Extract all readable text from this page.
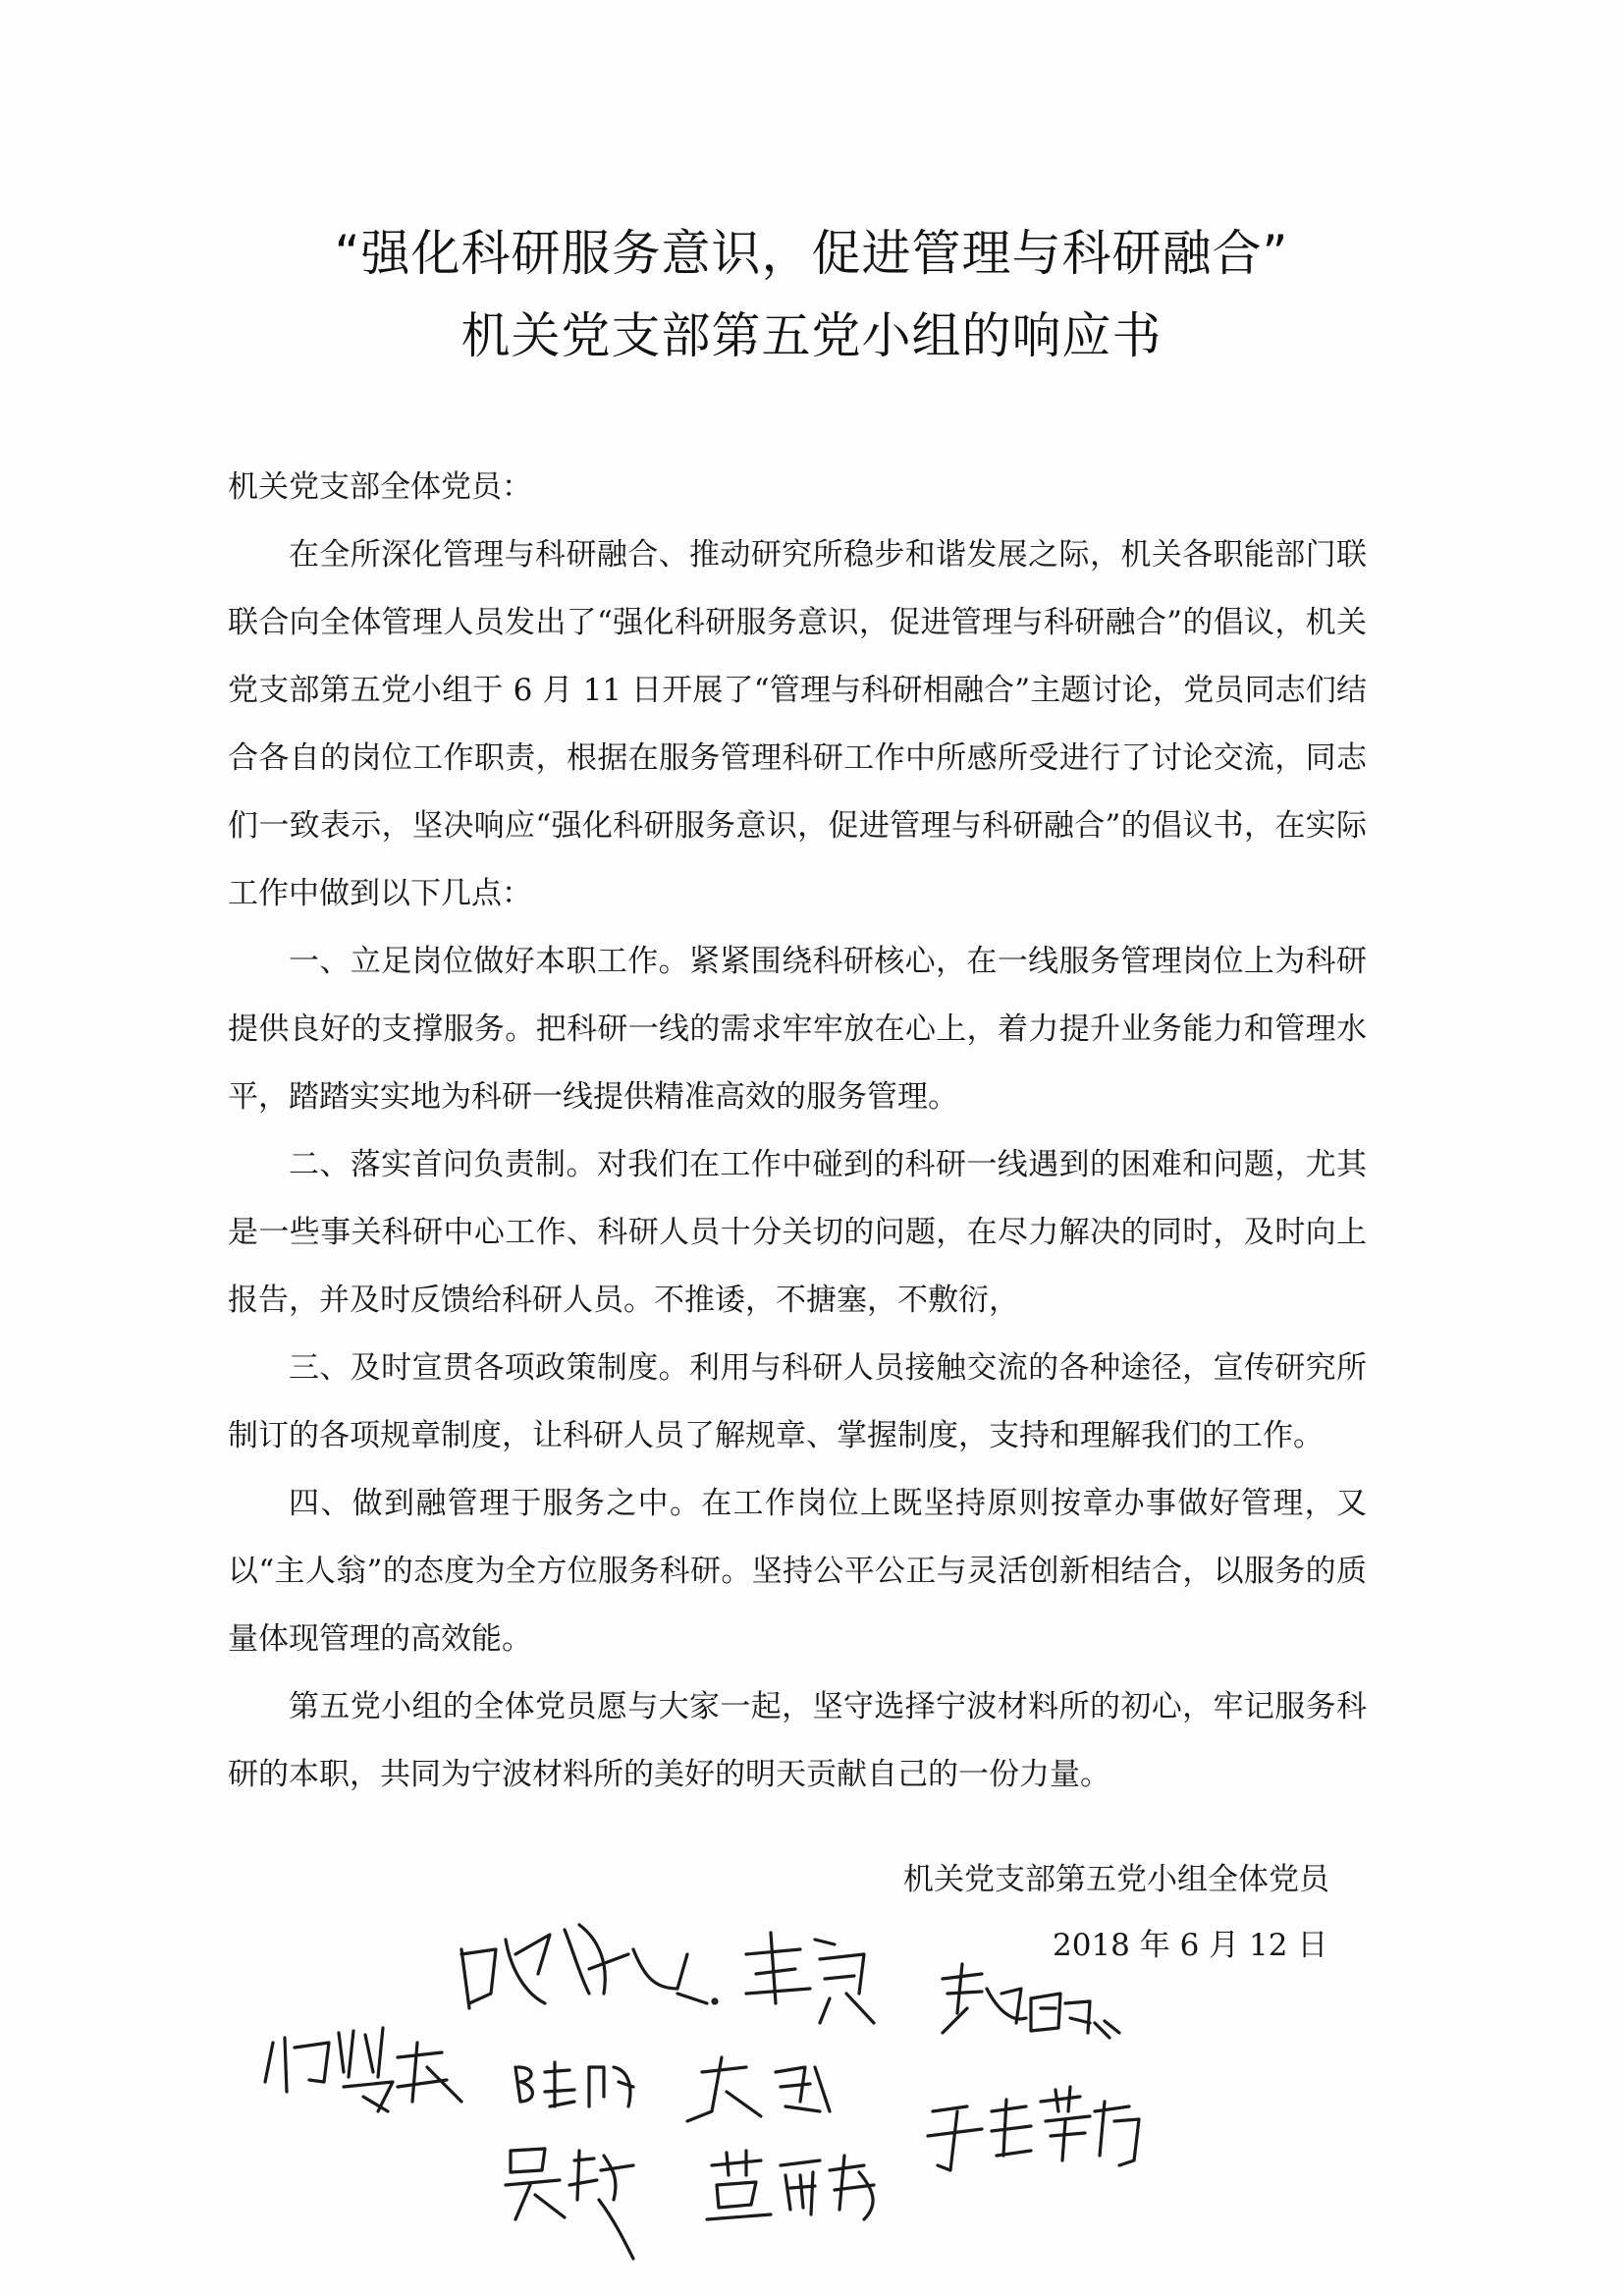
“强化科研服务意识，促进管理与科研融合”
机关党支部第五党小组的响应书

机关党支部全体党员：

在全所深化管理与科研融合、推动研究所稳步和谐发展之际，机关各职能部门联联合向全体管理人员发出了“强化科研服务意识，促进管理与科研融合”的倡议，机关党支部第五党小组于 6 月 11 日开展了“管理与科研相融合”主题讨论，党员同志们结合各自的岗位工作职责，根据在服务管理科研工作中所感所受进行了讨论交流，同志们一致表示，坚决响应“强化科研服务意识，促进管理与科研融合”的倡议书，在实际工作中做到以下几点：

一、立足岗位做好本职工作。紧紧围绕科研核心，在一线服务管理岗位上为科研提供良好的支撑服务。把科研一线的需求牢牢放在心上，着力提升业务能力和管理水平，踏踏实实地为科研一线提供精准高效的服务管理。

二、落实首问负责制。对我们在工作中碰到的科研一线遇到的困难和问题，尤其是一些事关科研中心工作、科研人员十分关切的问题，在尽力解决的同时，及时向上报告，并及时反馈给科研人员。不推诿，不搪塞，不敷衍，

三、及时宣贯各项政策制度。利用与科研人员接触交流的各种途径，宣传研究所制订的各项规章制度，让科研人员了解规章、掌握制度，支持和理解我们的工作。

四、做到融管理于服务之中。在工作岗位上既坚持原则按章办事做好管理，又以“主人翁”的态度为全方位服务科研。坚持公平公正与灵活创新相结合，以服务的质量体现管理的高效能。

第五党小组的全体党员愿与大家一起，坚守选择宁波材料所的初心，牢记服务科研的本职，共同为宁波材料所的美好的明天贡献自己的一份力量。

机关党支部第五党小组全体党员
2018 年 6 月 12 日
